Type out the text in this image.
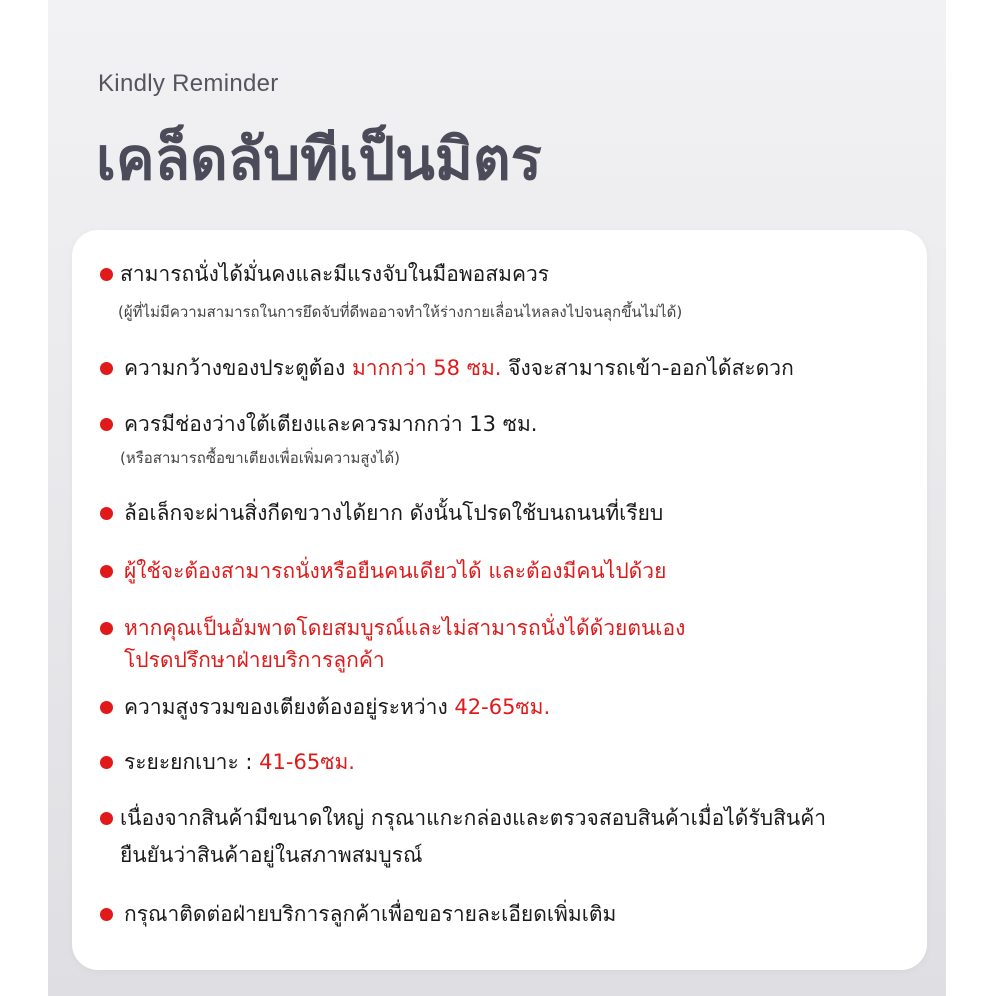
Kindly Reminder
เคล็ดลับทีเป็นมิตร
สามารถนั่งได้มั่นคงและมีแรงจับในมือพอสมควร
(ผู้ที่ไม่มีความสามารถในการยึดจับที่ดีพออาจทำให้ร่างกายเลื่อนไหลลงไปจนลุกขึ้นไม่ได้)
ความกว้างของประตูต้อง มากกว่า 58 ซม. จึงจะสามารถเข้า-ออกได้สะดวก
ควรมีช่องว่างใต้เตียงและควรมากกว่า 13 ซม.
(หรือสามารถซื้อขาเตียงเพื่อเพิ่มความสูงได้)
ล้อเล็กจะผ่านสิ่งกีดขวางได้ยาก ดังนั้นโปรดใช้บนถนนที่เรียบ
ผู้ใช้จะต้องสามารถนั่งหรือยืนคนเดียวได้ และต้องมีคนไปด้วย
หากคุณเป็นอัมพาตโดยสมบูรณ์และไม่สามารถนั่งได้ด้วยตนเอง
โปรดปรึกษาฝ่ายบริการลูกค้า
ความสูงรวมของเตียงต้องอยู่ระหว่าง 42-65ซม.
ระยะยกเบาะ : 41-65ซม.
เนื่องจากสินค้ามีขนาดใหญ่ กรุณาแกะกล่องและตรวจสอบสินค้าเมื่อได้รับสินค้า
ยืนยันว่าสินค้าอยู่ในสภาพสมบูรณ์
กรุณาติดต่อฝ่ายบริการลูกค้าเพื่อขอรายละเอียดเพิ่มเติม
